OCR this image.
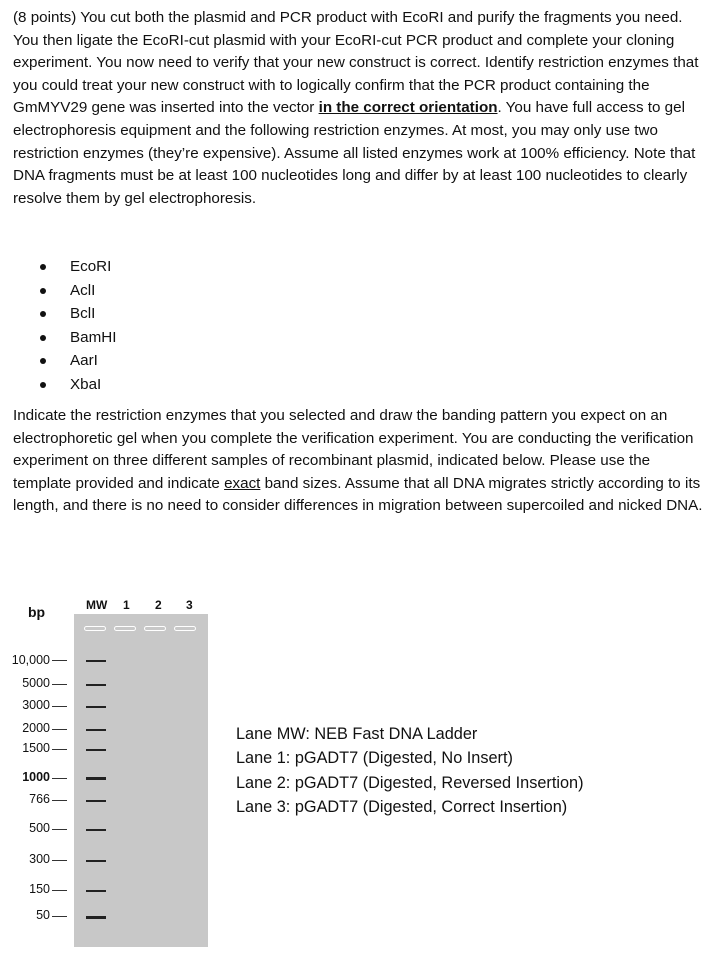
(8 points) You cut both the plasmid and PCR product with EcoRI and purify the fragments you need. You then ligate the EcoRI-cut plasmid with your EcoRI-cut PCR product and complete your cloning experiment. You now need to verify that your new construct is correct. Identify restriction enzymes that you could treat your new construct with to logically confirm that the PCR product containing the GmMYV29 gene was inserted into the vector in the correct orientation. You have full access to gel electrophoresis equipment and the following restriction enzymes. At most, you may only use two restriction enzymes (they’re expensive). Assume all listed enzymes work at 100% efficiency. Note that DNA fragments must be at least 100 nucleotides long and differ by at least 100 nucleotides to clearly resolve them by gel electrophoresis.

EcoRI
AclI
BclI
BamHI
AarI
XbaI

Indicate the restriction enzymes that you selected and draw the banding pattern you expect on an electrophoretic gel when you complete the verification experiment. You are conducting the verification experiment on three different samples of recombinant plasmid, indicated below. Please use the template provided and indicate exact band sizes. Assume that all DNA migrates strictly according to its length, and there is no need to consider differences in migration between supercoiled and nicked DNA.

bp	MW 1 2 3
10,000
5000
3000
2000
1500
1000
766
500
300
150
50
Lane MW: NEB Fast DNA Ladder
Lane 1: pGADT7 (Digested, No Insert)
Lane 2: pGADT7 (Digested, Reversed Insertion)
Lane 3: pGADT7 (Digested, Correct Insertion)
